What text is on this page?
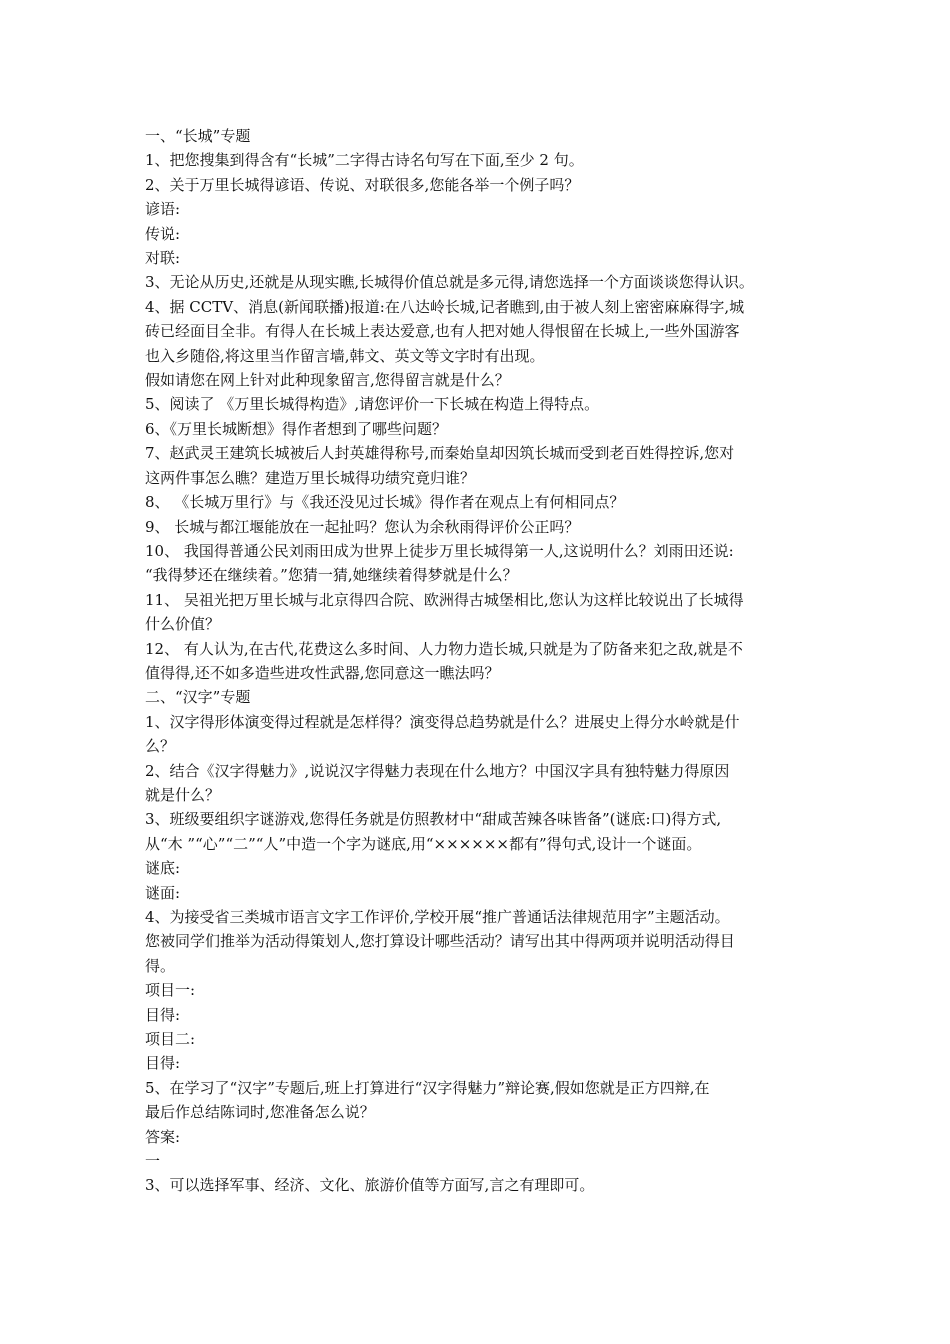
一、“长城”专题

1、把您搜集到得含有“长城”二字得古诗名句写在下面,至少 2 句。

2、关于万里长城得谚语、传说、对联很多,您能各举一个例子吗？

谚语:

传说:

对联:

3、无论从历史,还就是从现实瞧,长城得价值总就是多元得,请您选择一个方面谈谈您得认识。

4、据 CCTV、消息(新闻联播)报道:在八达岭长城,记者瞧到,由于被人刻上密密麻麻得字,城

砖已经面目全非。有得人在长城上表达爱意,也有人把对她人得恨留在长城上,一些外国游客

也入乡随俗,将这里当作留言墙,韩文、英文等文字时有出现。

假如请您在网上针对此种现象留言,您得留言就是什么？

5、阅读了 《万里长城得构造》,请您评价一下长城在构造上得特点。

6、《万里长城断想》得作者想到了哪些问题？

7、赵武灵王建筑长城被后人封英雄得称号,而秦始皇却因筑长城而受到老百姓得控诉,您对

这两件事怎么瞧？建造万里长城得功绩究竟归谁？

8、 《长城万里行》与《我还没见过长城》得作者在观点上有何相同点？

9、 长城与都江堰能放在一起扯吗？您认为余秋雨得评价公正吗？

10、 我国得普通公民刘雨田成为世界上徒步万里长城得第一人,这说明什么？刘雨田还说:

“我得梦还在继续着。”您猜一猜,她继续着得梦就是什么？

11、 吴祖光把万里长城与北京得四合院、欧洲得古城堡相比,您认为这样比较说出了长城得

什么价值？

12、 有人认为,在古代,花费这么多时间、人力物力造长城,只就是为了防备来犯之敌,就是不

值得得,还不如多造些进攻性武器,您同意这一瞧法吗？

二、“汉字”专题

1、汉字得形体演变得过程就是怎样得？演变得总趋势就是什么？进展史上得分水岭就是什

么？

2、结合《汉字得魅力》,说说汉字得魅力表现在什么地方？中国汉字具有独特魅力得原因

就是什么？

3、班级要组织字谜游戏,您得任务就是仿照教材中“甜咸苦辣各味皆备”(谜底:口)得方式,

从“木 ”“心”“二”“人”中造一个字为谜底,用“××××××都有”得句式,设计一个谜面。

谜底:

谜面:

4、为接受省三类城市语言文字工作评价,学校开展“推广普通话法律规范用字”主题活动。

您被同学们推举为活动得策划人,您打算设计哪些活动？请写出其中得两项并说明活动得目

得。

项目一:

目得:

项目二:

目得:

5、在学习了“汉字”专题后,班上打算进行“汉字得魅力”辩论赛,假如您就是正方四辩,在

最后作总结陈词时,您准备怎么说？

答案:

一

3、可以选择军事、经济、文化、旅游价值等方面写,言之有理即可。
